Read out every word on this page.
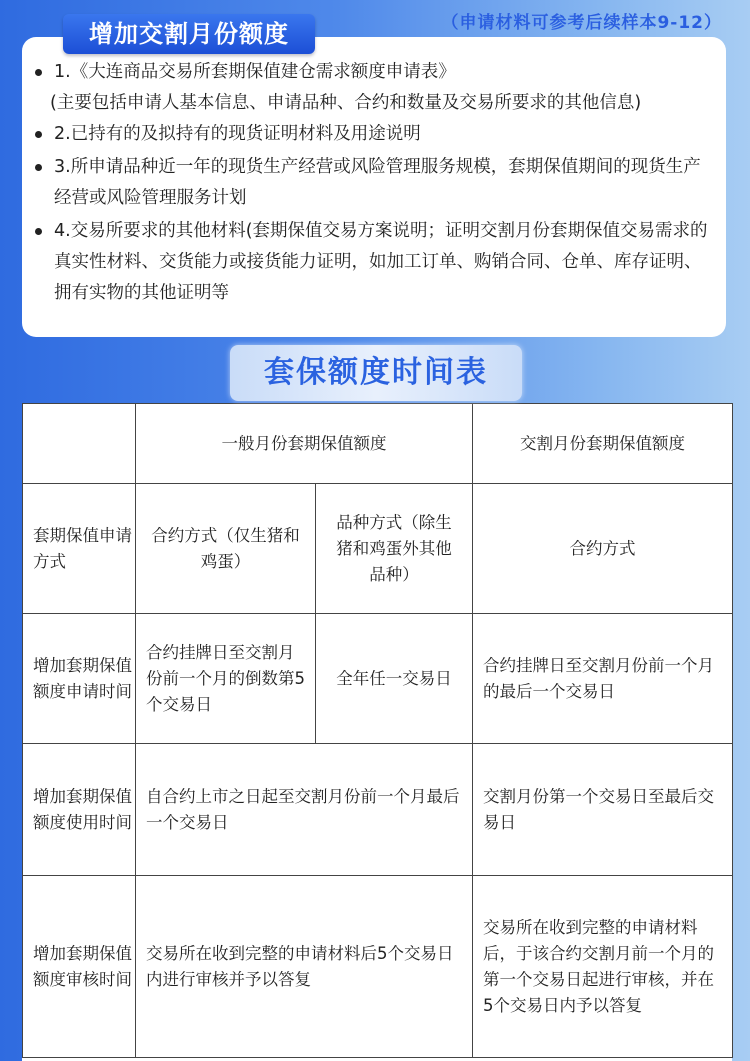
增加交割月份额度	（申请材料可参考后续样本9-12）
1.《大连商品交易所套期保值建仓需求额度申请表》
(主要包括申请人基本信息、申请品种、合约和数量及交易所要求的其他信息)
2.已持有的及拟持有的现货证明材料及用途说明
3.所申请品种近一年的现货生产经营或风险管理服务规模，套期保值期间的现货生产经营或风险管理服务计划
4.交易所要求的其他材料(套期保值交易方案说明；证明交割月份套期保值交易需求的真实性材料、交货能力或接货能力证明，如加工订单、购销合同、仓单、库存证明、拥有实物的其他证明等
套保额度时间表
	一般月份套期保值额度		交割月份套期保值额度
套期保值申请方式	合约方式（仅生猪和鸡蛋）	品种方式（除生猪和鸡蛋外其他品种）	合约方式
增加套期保值额度申请时间	合约挂牌日至交割月份前一个月的倒数第5个交易日	全年任一交易日	合约挂牌日至交割月份前一个月的最后一个交易日
增加套期保值额度使用时间	自合约上市之日起至交割月份前一个月最后一个交易日		交割月份第一个交易日至最后交易日
增加套期保值额度审核时间	交易所在收到完整的申请材料后5个交易日内进行审核并予以答复		交易所在收到完整的申请材料后，于该合约交割月前一个月的第一个交易日起进行审核，并在5个交易日内予以答复
